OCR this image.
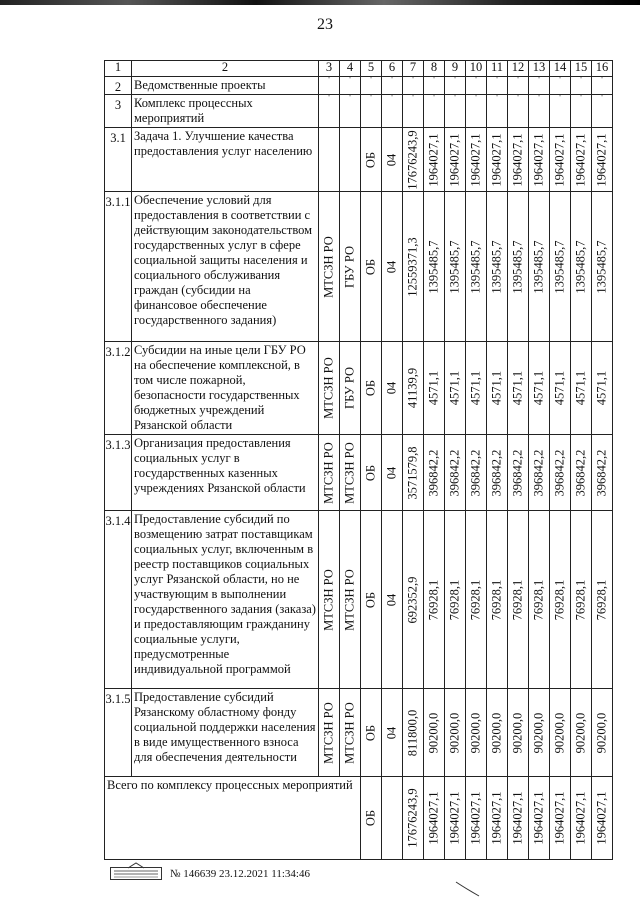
23
1	2	3	4	5	6	7	8	9	10	11	12	13	14	15	16
2	Ведомственные проекты	'	'	'	'	'	'	'	'	'	'	'	'	'	'
3	Комплекс процессных мероприятий	'	'	'	'	'	'	'	'	'	'	'	'	'	'
3.1	Задача 1. Улучшение качества предоставления услуг населению			ОБ	04	17676243,9	1964027,1	1964027,1	1964027,1	1964027,1	1964027,1	1964027,1	1964027,1	1964027,1	1964027,1

3.1.1	Обеспечение условий для предоставления в соответствии с действующим законодательством государственных услуг в сфере социальной защиты населения и социального обслуживания граждан (субсидии на финансовое обеспечение государственного задания)	МТСЗН РО	ГБУ РО	ОБ	04	12559371,3	1395485,7	1395485,7	1395485,7	1395485,7	1395485,7	1395485,7	1395485,7	1395485,7	1395485,7

3.1.2	Субсидии на иные цели ГБУ РО на обеспечение комплексной, в том числе пожарной, безопасности государственных бюджетных учреждений Рязанской области	МТСЗН РО	ГБУ РО	ОБ	04	41139,9	4571,1	4571,1	4571,1	4571,1	4571,1	4571,1	4571,1	4571,1	4571,1

3.1.3	Организация предоставления социальных услуг в государственных казенных учреждениях Рязанской области	МТСЗН РО	МТСЗН РО	ОБ	04	3571579,8	396842,2	396842,2	396842,2	396842,2	396842,2	396842,2	396842,2	396842,2	396842,2

3.1.4	Предоставление субсидий по возмещению затрат поставщикам социальных услуг, включенным в реестр поставщиков социальных услуг Рязанской области, но не участвующим в выполнении государственного задания (заказа) и предоставляющим гражданину социальные услуги, предусмотренные индивидуальной программой	МТСЗН РО	МТСЗН РО	ОБ	04	692352,9	76928,1	76928,1	76928,1	76928,1	76928,1	76928,1	76928,1	76928,1	76928,1

3.1.5	Предоставление субсидий Рязанскому областному фонду социальной поддержки населения в виде имущественного взноса для обеспечения деятельности	МТСЗН РО	МТСЗН РО	ОБ	04	811800,0	90200,0	90200,0	90200,0	90200,0	90200,0	90200,0	90200,0	90200,0	90200,0

Всего по комплексу процессных мероприятий				ОБ		17676243,9	1964027,1	1964027,1	1964027,1	1964027,1	1964027,1	1964027,1	1964027,1	1964027,1	1964027,1
№ 146639 23.12.2021 11:34:46
